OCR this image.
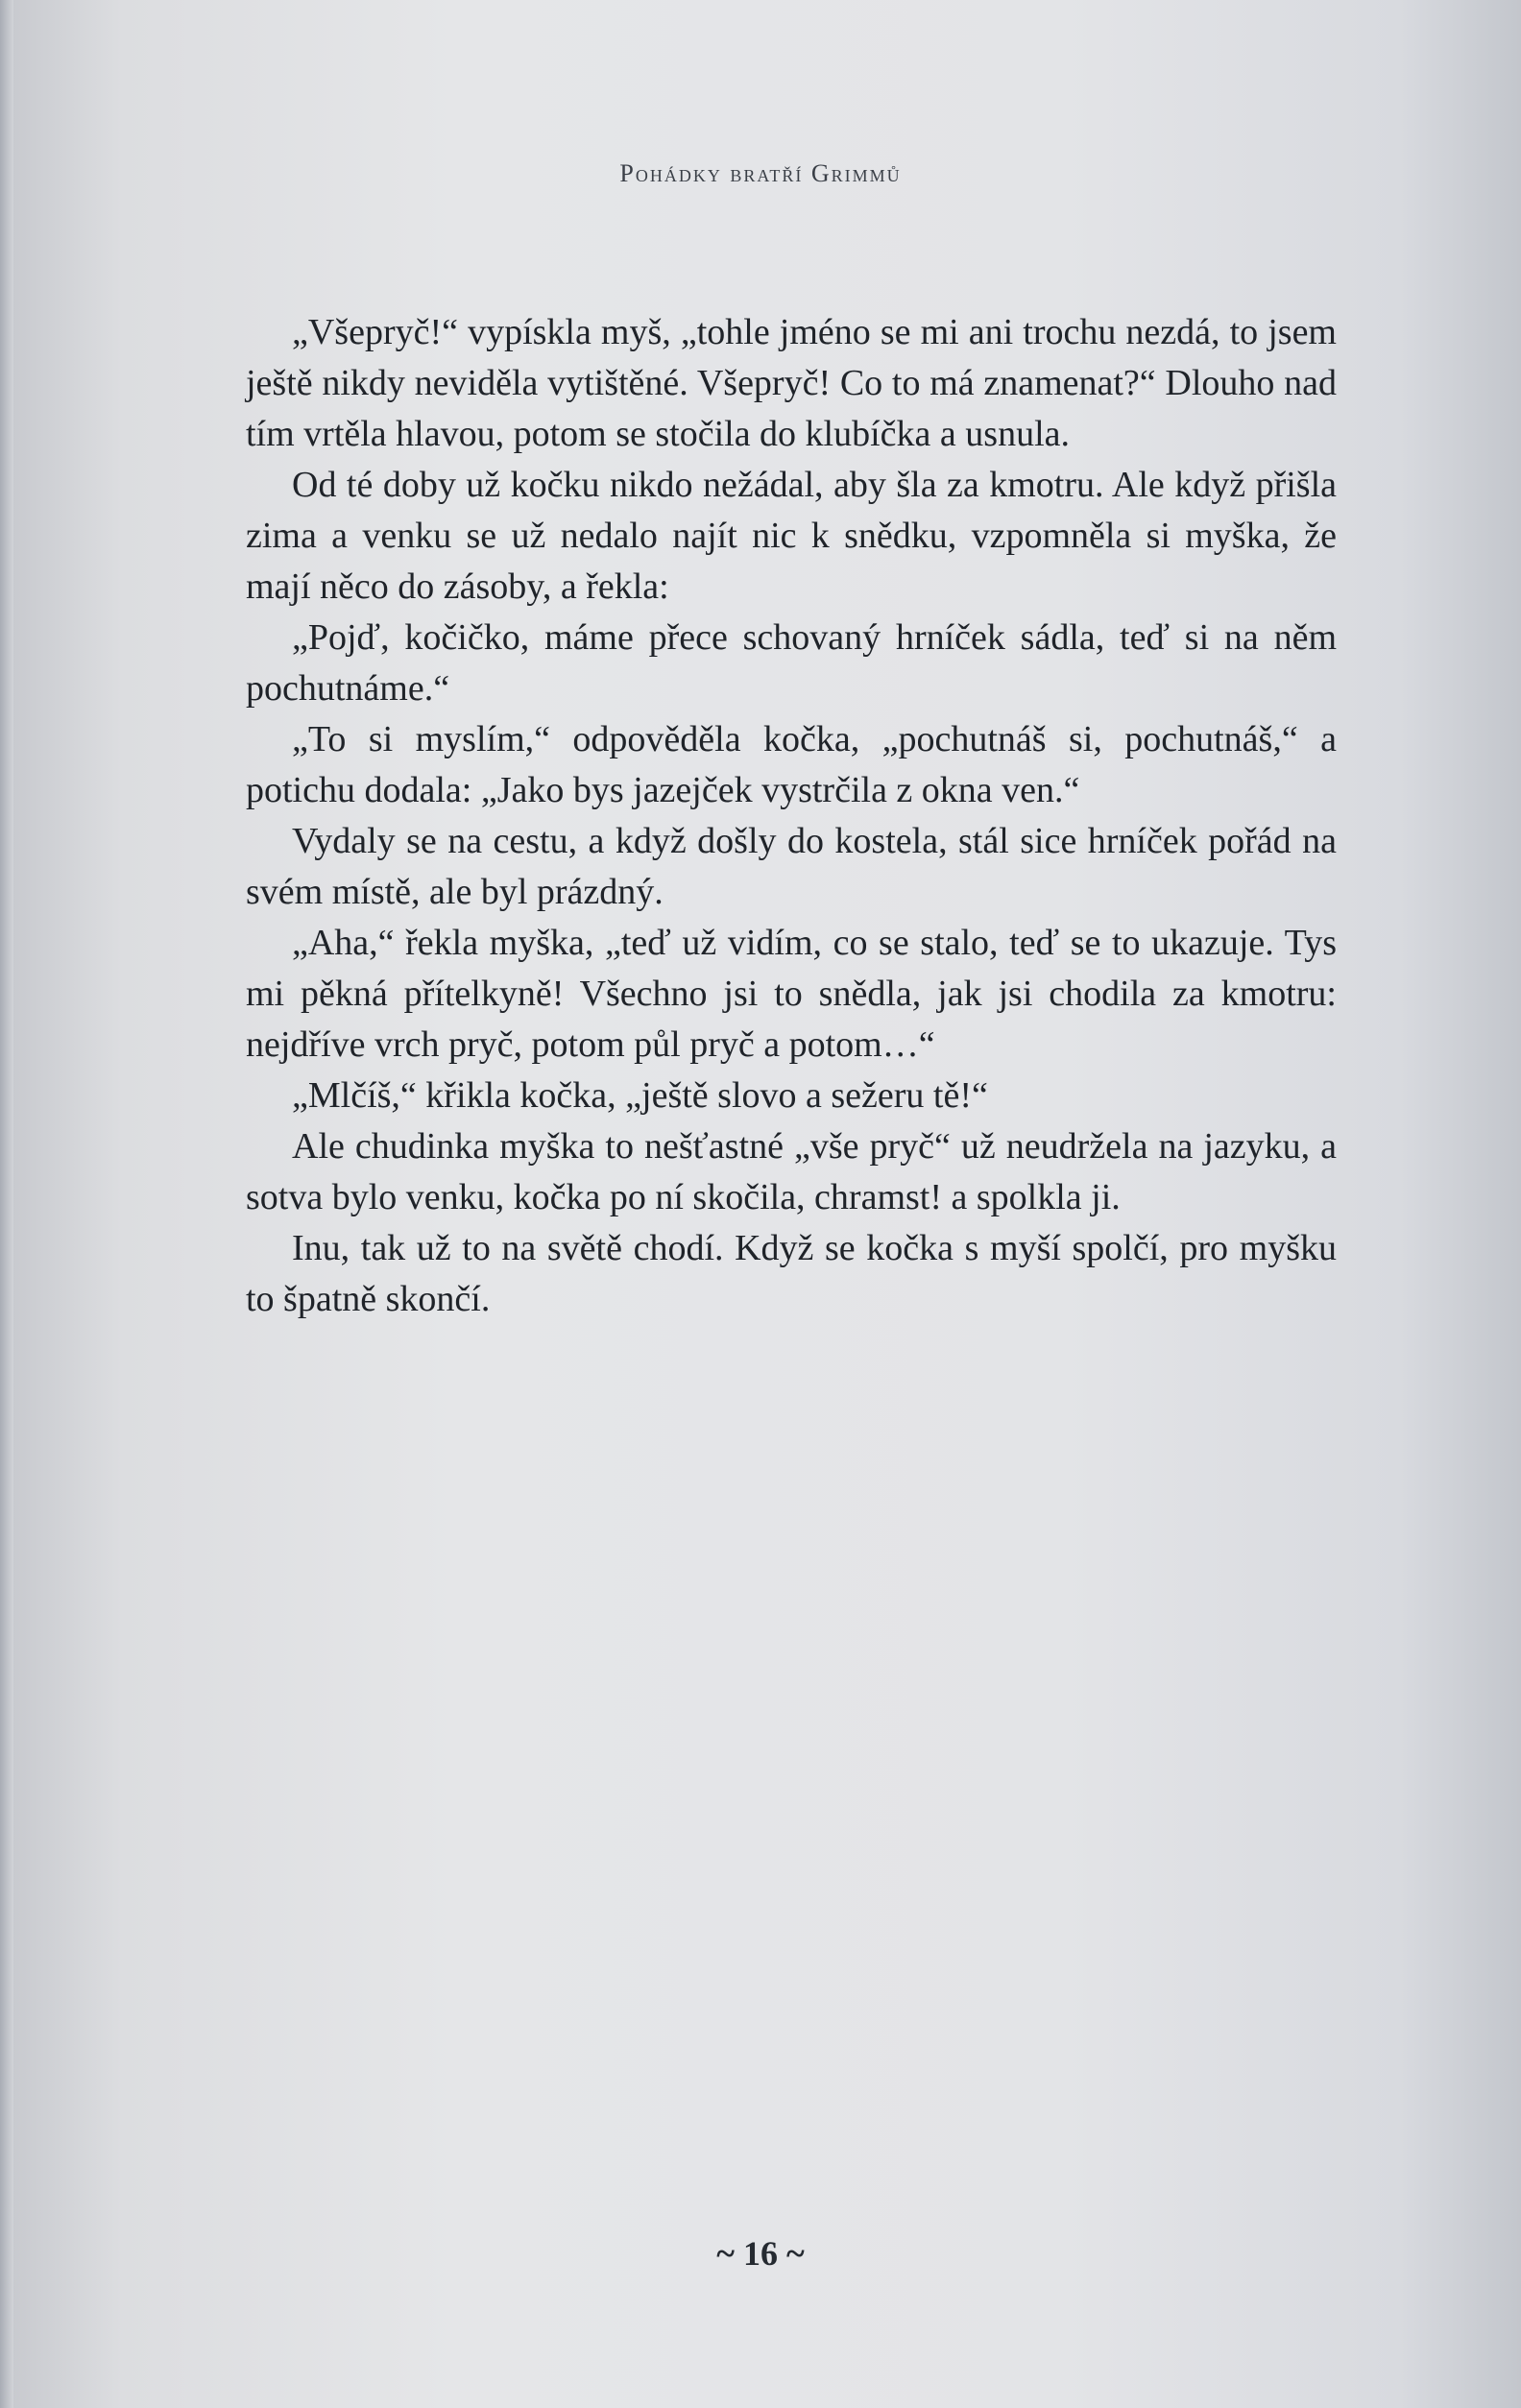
Pohádky bratří Grimmů

„Všepryč!“ vypískla myš, „tohle jméno se mi ani trochu nezdá, to jsem ještě nikdy neviděla vytištěné. Všepryč! Co to má znamenat?“ Dlouho nad tím vrtěla hlavou, potom se stočila do klubíčka a usnula.

Od té doby už kočku nikdo nežádal, aby šla za kmotru. Ale když přišla zima a venku se už nedalo najít nic k snědku, vzpomněla si myška, že mají něco do zásoby, a řekla:

„Pojď, kočičko, máme přece schovaný hrníček sádla, teď si na něm pochutnáme.“

„To si myslím,“ odpověděla kočka, „pochutnáš si, pochutnáš,“ a potichu dodala: „Jako bys jazejček vystrčila z okna ven.“

Vydaly se na cestu, a když došly do kostela, stál sice hrníček pořád na svém místě, ale byl prázdný.

„Aha,“ řekla myška, „teď už vidím, co se stalo, teď se to ukazuje. Tys mi pěkná přítelkyně! Všechno jsi to snědla, jak jsi chodila za kmotru: nejdříve vrch pryč, potom půl pryč a potom…“

„Mlčíš,“ křikla kočka, „ještě slovo a sežeru tě!“

Ale chudinka myška to nešťastné „vše pryč“ už neudržela na jazyku, a sotva bylo venku, kočka po ní skočila, chramst! a spolkla ji.

Inu, tak už to na světě chodí. Když se kočka s myší spolčí, pro myšku to špatně skončí.

~ 16 ~
